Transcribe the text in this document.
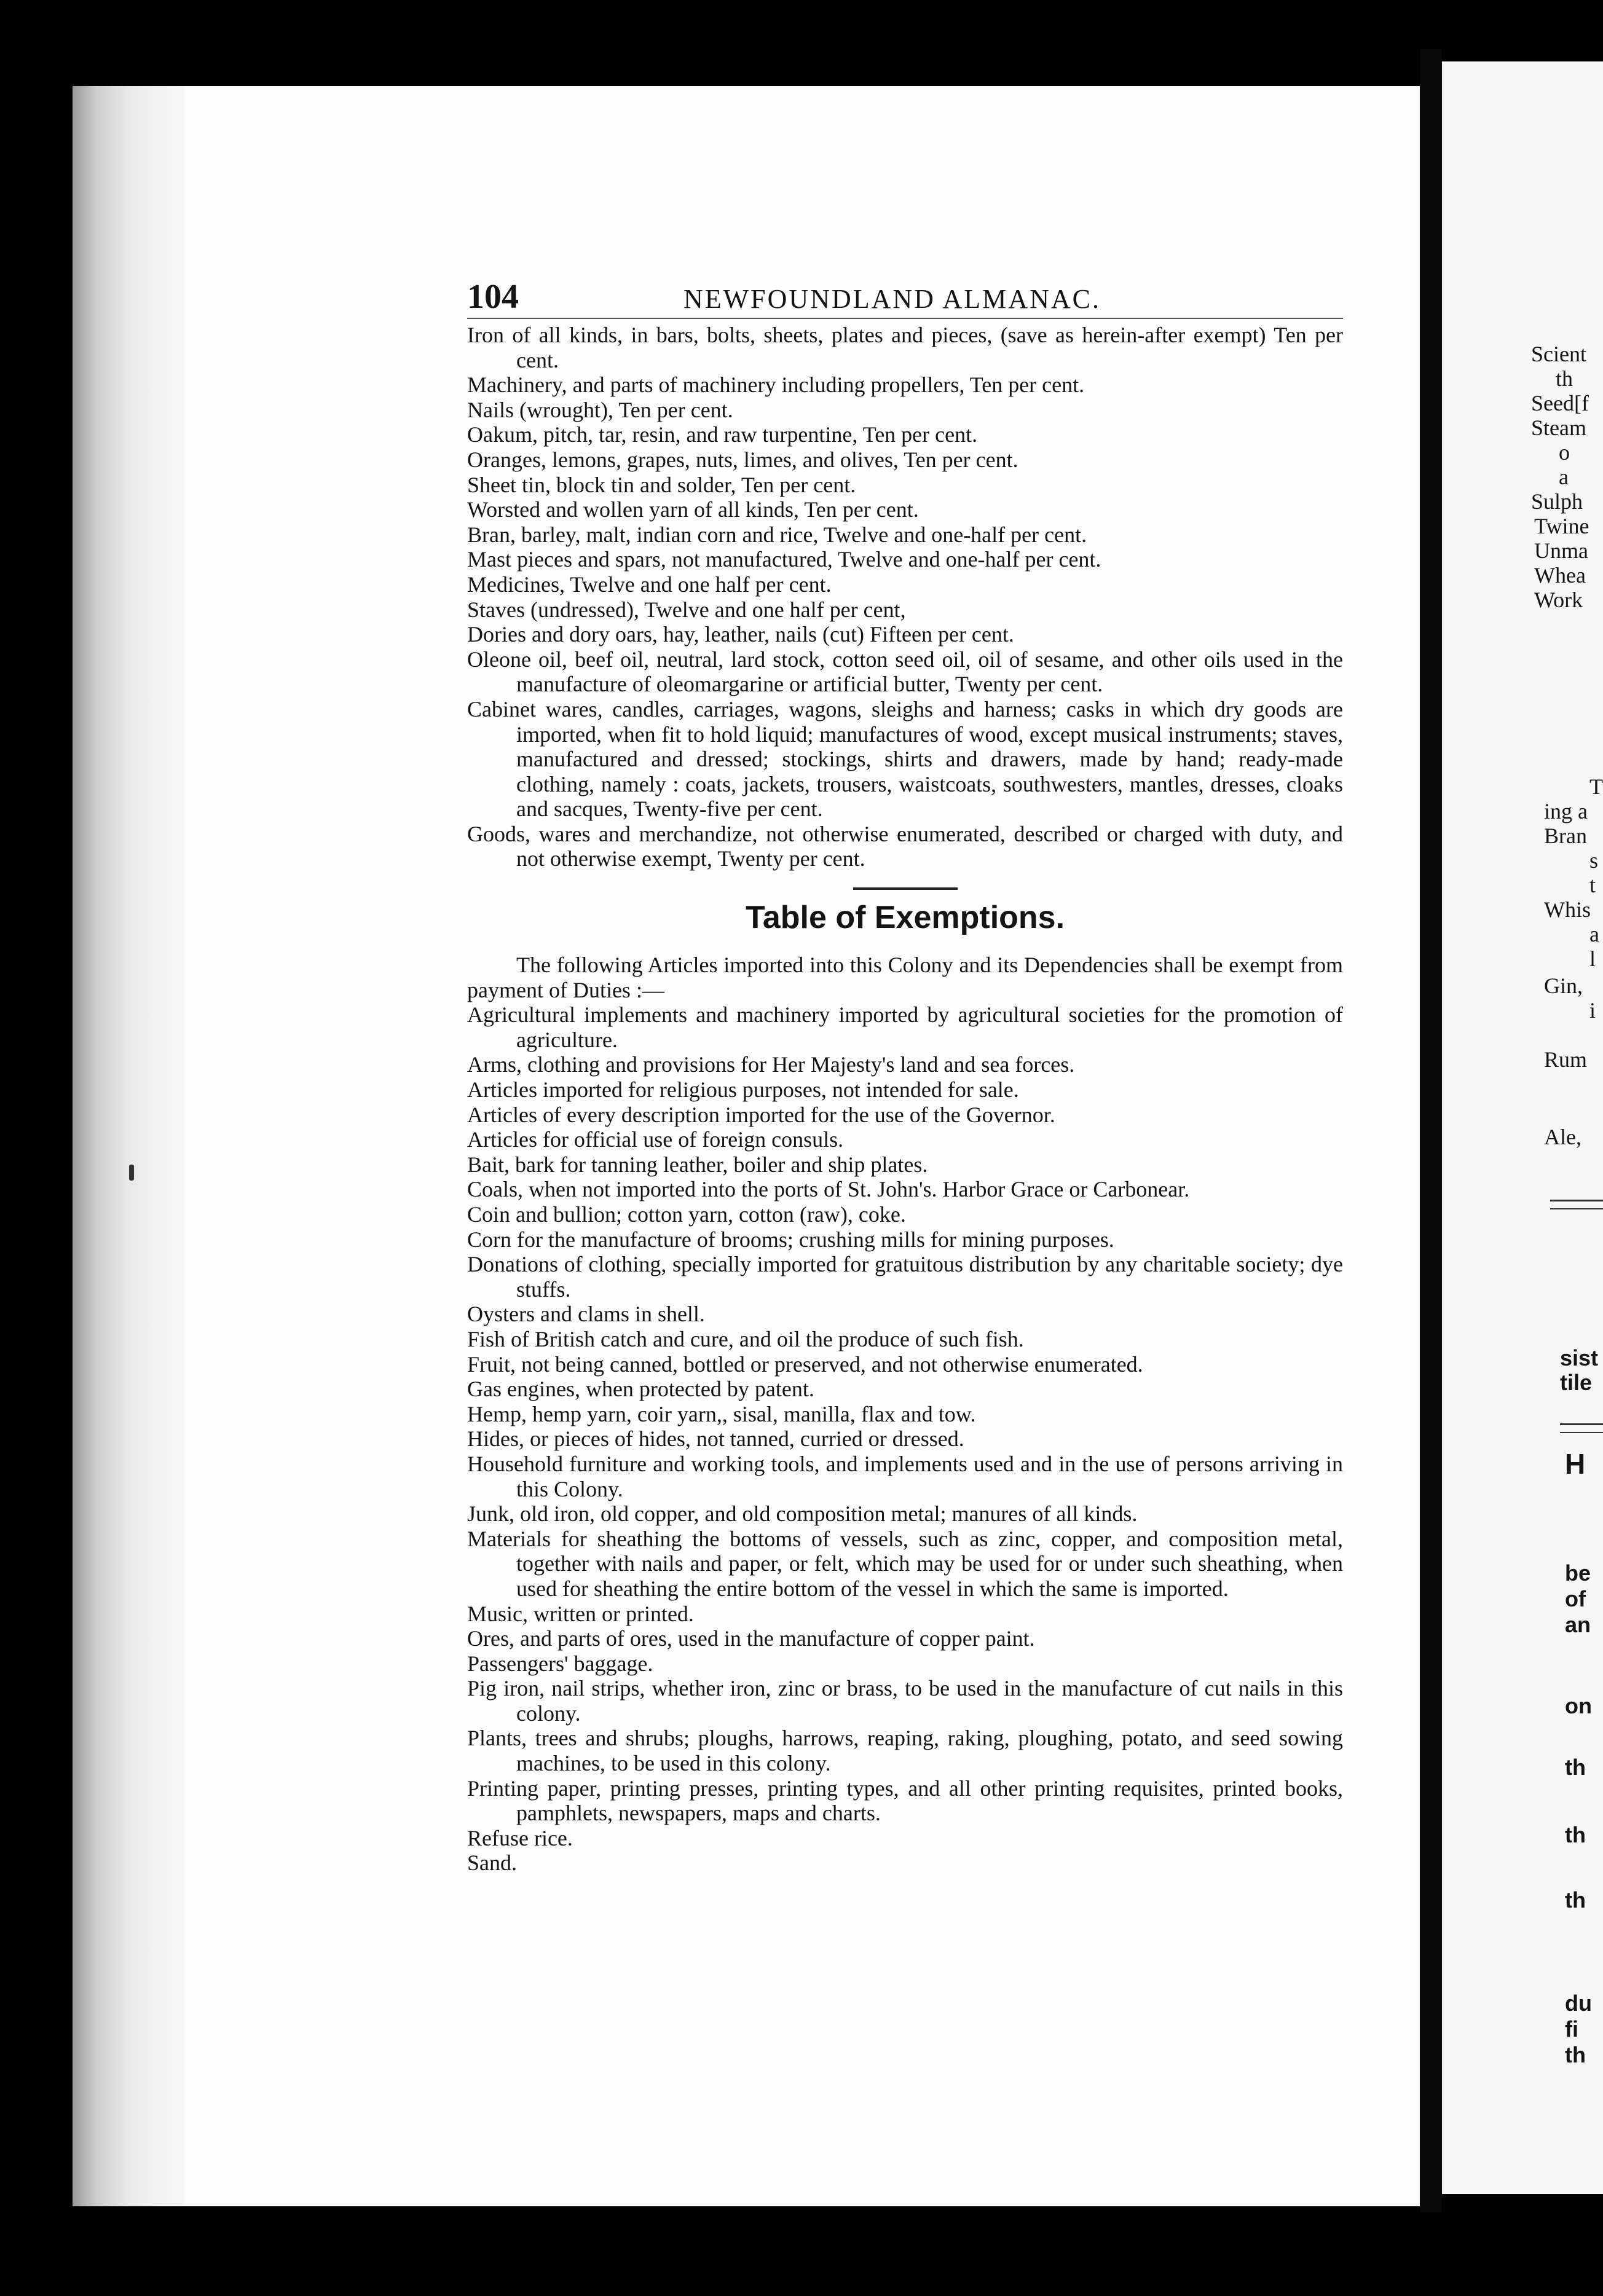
Scient
th
Seed[f
Steam
o
a
Sulph
Twine
Unma
Whea
Work
T
ing a
Bran
s
t
Whis
a
l
Gin,
i
Rum
Ale,
sist
tile
H
be
of
an
on
th
th
th
du
fi
th
104	NEWFOUNDLAND ALMANAC.
Iron of all kinds, in bars, bolts, sheets, plates and pieces, (save as herein-after exempt) Ten per cent.
Machinery, and parts of machinery including propellers, Ten per cent.
Nails (wrought), Ten per cent.
Oakum, pitch, tar, resin, and raw turpentine, Ten per cent.
Oranges, lemons, grapes, nuts, limes, and olives, Ten per cent.
Sheet tin, block tin and solder, Ten per cent.
Worsted and wollen yarn of all kinds, Ten per cent.
Bran, barley, malt, indian corn and rice, Twelve and one-half per cent.
Mast pieces and spars, not manufactured, Twelve and one-half per cent.
Medicines, Twelve and one half per cent.
Staves (undressed), Twelve and one half per cent,
Dories and dory oars, hay, leather, nails (cut) Fifteen per cent.
Oleone oil, beef oil, neutral, lard stock, cotton seed oil, oil of sesame, and other oils used in the manufacture of oleomargarine or artificial butter, Twenty per cent.
Cabinet wares, candles, carriages, wagons, sleighs and harness; casks in which dry goods are imported, when fit to hold liquid; manufactures of wood, except musical instruments; staves, manufactured and dressed; stockings, shirts and drawers, made by hand; ready-made clothing, namely : coats, jackets, trousers, waistcoats, southwesters, mantles, dresses, cloaks and sacques, Twenty-five per cent.
Goods, wares and merchandize, not otherwise enumerated, described or charged with duty, and not otherwise exempt, Twenty per cent.
Table of Exemptions.
The following Articles imported into this Colony and its Dependencies shall be exempt from payment of Duties :—
Agricultural implements and machinery imported by agricultural societies for the promotion of agriculture.
Arms, clothing and provisions for Her Majesty's land and sea forces.
Articles imported for religious purposes, not intended for sale.
Articles of every description imported for the use of the Governor.
Articles for official use of foreign consuls.
Bait, bark for tanning leather, boiler and ship plates.
Coals, when not imported into the ports of St. John's. Harbor Grace or Carbonear.
Coin and bullion; cotton yarn, cotton (raw), coke.
Corn for the manufacture of brooms; crushing mills for mining purposes.
Donations of clothing, specially imported for gratuitous distribution by any charitable society; dye stuffs.
Oysters and clams in shell.
Fish of British catch and cure, and oil the produce of such fish.
Fruit, not being canned, bottled or preserved, and not otherwise enumerated.
Gas engines, when protected by patent.
Hemp, hemp yarn, coir yarn,, sisal, manilla, flax and tow.
Hides, or pieces of hides, not tanned, curried or dressed.
Household furniture and working tools, and implements used and in the use of persons arriving in this Colony.
Junk, old iron, old copper, and old composition metal; manures of all kinds.
Materials for sheathing the bottoms of vessels, such as zinc, copper, and composition metal, together with nails and paper, or felt, which may be used for or under such sheathing, when used for sheathing the entire bottom of the vessel in which the same is imported.
Music, written or printed.
Ores, and parts of ores, used in the manufacture of copper paint.
Passengers' baggage.
Pig iron, nail strips, whether iron, zinc or brass, to be used in the manufacture of cut nails in this colony.
Plants, trees and shrubs; ploughs, harrows, reaping, raking, ploughing, potato, and seed sowing machines, to be used in this colony.
Printing paper, printing presses, printing types, and all other printing requisites, printed books, pamphlets, newspapers, maps and charts.
Refuse rice.
Sand.
